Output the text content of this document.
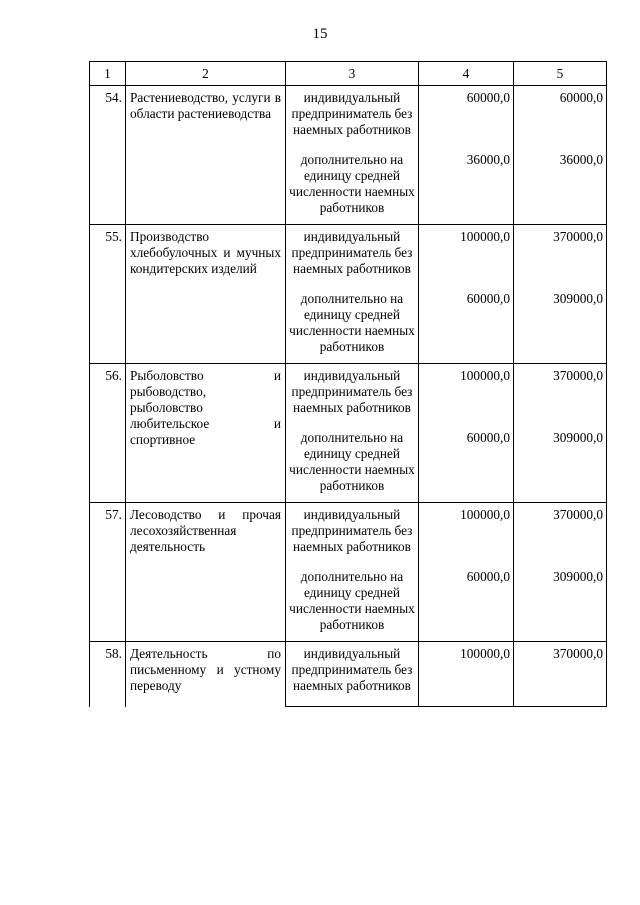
15
1	2	3	4	5
54.	Растениеводство, услуги в области растениеводства	индивидуальный предприниматель без наемных работников	60000,0	60000,0

		дополнительно на единицу средней численности наемных работников	36000,0	36000,0

55.	Производство хлебобулочных и мучных кондитерских изделий	индивидуальный предприниматель без наемных работников	100000,0	370000,0

		дополнительно на единицу средней численности наемных работников	60000,0	309000,0

56.	Рыболовство и рыбоводство, рыболовство любительское и спортивное	индивидуальный предприниматель без наемных работников	100000,0	370000,0

		дополнительно на единицу средней численности наемных работников	60000,0	309000,0

57.	Лесоводство и прочая лесохозяйственная деятельность	индивидуальный предприниматель без наемных работников	100000,0	370000,0

		дополнительно на единицу средней численности наемных работников	60000,0	309000,0

58.	Деятельность по письменному и устному переводу	индивидуальный предприниматель без наемных работников	100000,0	370000,0
